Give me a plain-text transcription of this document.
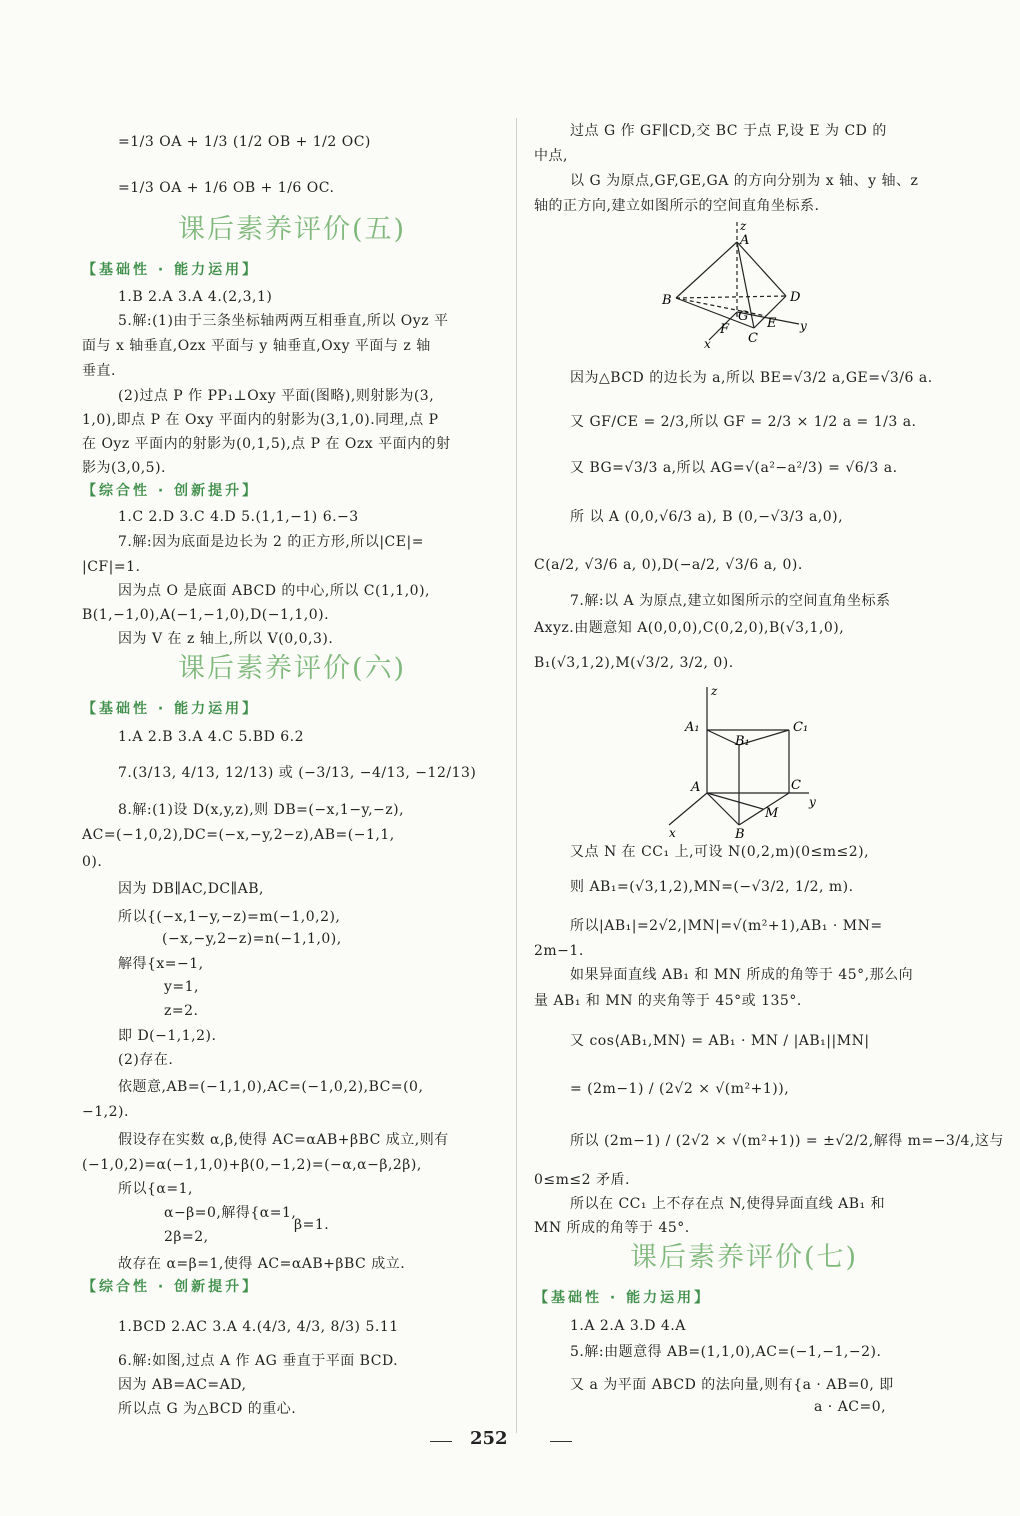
=1/3 OA + 1/3 (1/2 OB + 1/2 OC)
=1/3 OA + 1/6 OB + 1/6 OC.
课后素养评价(五)
【基础性 · 能力运用】
1.B 2.A 3.A 4.(2,3,1)
5.解:(1)由于三条坐标轴两两互相垂直,所以 Oyz 平
面与 x 轴垂直,Ozx 平面与 y 轴垂直,Oxy 平面与 z 轴
垂直.
(2)过点 P 作 PP₁⊥Oxy 平面(图略),则射影为(3,
1,0),即点 P 在 Oxy 平面内的射影为(3,1,0).同理,点 P
在 Oyz 平面内的射影为(0,1,5),点 P 在 Ozx 平面内的射
影为(3,0,5).
【综合性 · 创新提升】
1.C 2.D 3.C 4.D 5.(1,1,−1) 6.−3
7.解:因为底面是边长为 2 的正方形,所以|CE|=
|CF|=1.
因为点 O 是底面 ABCD 的中心,所以 C(1,1,0),
B(1,−1,0),A(−1,−1,0),D(−1,1,0).
因为 V 在 z 轴上,所以 V(0,0,3).
课后素养评价(六)
【基础性 · 能力运用】
1.A 2.B 3.A 4.C 5.BD 6.2
7.(3/13, 4/13, 12/13) 或 (−3/13, −4/13, −12/13)
8.解:(1)设 D(x,y,z),则 DB=(−x,1−y,−z),
AC=(−1,0,2),DC=(−x,−y,2−z),AB=(−1,1,
0).
因为 DB∥AC,DC∥AB,
所以{(−x,1−y,−z)=m(−1,0,2),
(−x,−y,2−z)=n(−1,1,0),
解得{x=−1,
y=1,
z=2.
即 D(−1,1,2).
(2)存在.
依题意,AB=(−1,1,0),AC=(−1,0,2),BC=(0,
−1,2).
假设存在实数 α,β,使得 AC=αAB+βBC 成立,则有
(−1,0,2)=α(−1,1,0)+β(0,−1,2)=(−α,α−β,2β),
所以{α=1,
α−β=0,解得{α=1,
2β=2,
β=1.
故存在 α=β=1,使得 AC=αAB+βBC 成立.
【综合性 · 创新提升】
1.BCD 2.AC 3.A 4.(4/3, 4/3, 8/3) 5.11
6.解:如图,过点 A 作 AG 垂直于平面 BCD.
因为 AB=AC=AD,
所以点 G 为△BCD 的重心.
过点 G 作 GF∥CD,交 BC 于点 F,设 E 为 CD 的
中点,
以 G 为原点,GF,GE,GA 的方向分别为 x 轴、y 轴、z
轴的正方向,建立如图所示的空间直角坐标系.
z
A
B	D
G E
F
C
x
y
因为△BCD 的边长为 a,所以 BE=√3/2 a,GE=√3/6 a.
又 GF/CE = 2/3,所以 GF = 2/3 × 1/2 a = 1/3 a.
又 BG=√3/3 a,所以 AG=√(a²−a²/3) = √6/3 a.
所 以 A (0,0,√6/3 a), B (0,−√3/3 a,0),
C(a/2, √3/6 a, 0),D(−a/2, √3/6 a, 0).
7.解:以 A 为原点,建立如图所示的空间直角坐标系
Axyz.由题意知 A(0,0,0),C(0,2,0),B(√3,1,0),
B₁(√3,1,2),M(√3/2, 3/2, 0).
z
A₁	C₁
B₁
A	C
y
M
x	B
又点 N 在 CC₁ 上,可设 N(0,2,m)(0≤m≤2),
则 AB₁=(√3,1,2),MN=(−√3/2, 1/2, m).
所以|AB₁|=2√2,|MN|=√(m²+1),AB₁ · MN=
2m−1.
如果异面直线 AB₁ 和 MN 所成的角等于 45°,那么向
量 AB₁ 和 MN 的夹角等于 45°或 135°.
又 cos⟨AB₁,MN⟩ = AB₁ · MN / |AB₁||MN|
= (2m−1) / (2√2 × √(m²+1)),
所以 (2m−1) / (2√2 × √(m²+1)) = ±√2/2,解得 m=−3/4,这与
0≤m≤2 矛盾.
所以在 CC₁ 上不存在点 N,使得异面直线 AB₁ 和
MN 所成的角等于 45°.
课后素养评价(七)
【基础性 · 能力运用】
1.A 2.A 3.D 4.A
5.解:由题意得 AB=(1,1,0),AC=(−1,−1,−2).
又 a 为平面 ABCD 的法向量,则有{a · AB=0, 即
a · AC=0,
252
